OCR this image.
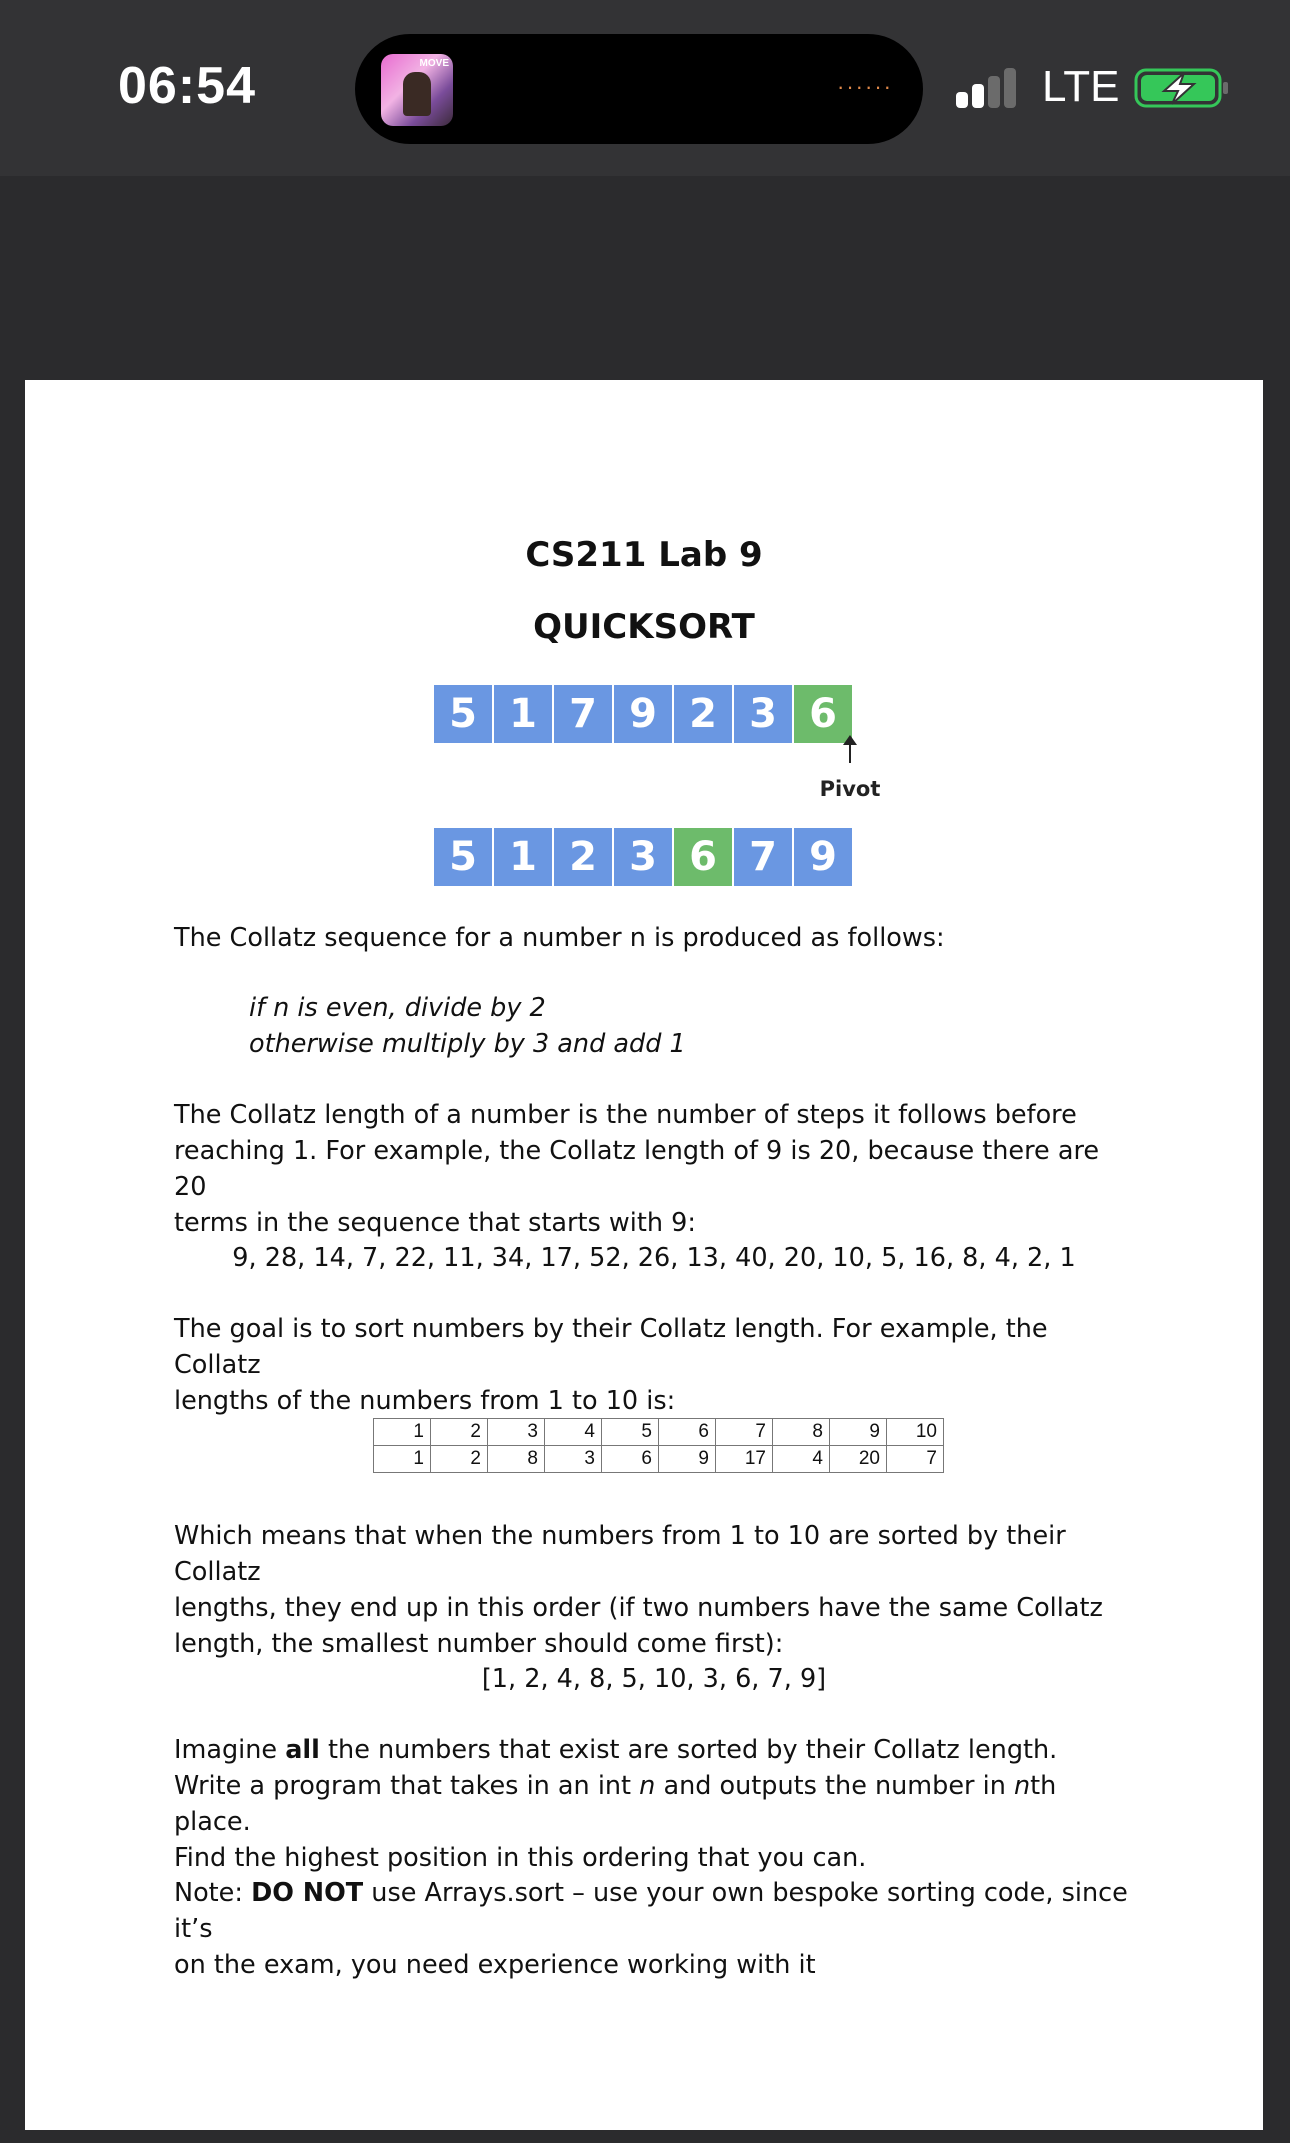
06:54	MOVE
······	LTE
CS211 Lab 9
QUICKSORT
5 1 7 9 2 3 6
Pivot
5 1 2 3 6 7 9

The Collatz sequence for a number n is produced as follows:

if n is even, divide by 2

otherwise multiply by 3 and add 1

The Collatz length of a number is the number of steps it follows before

reaching 1. For example, the Collatz length of 9 is 20, because there are 20

terms in the sequence that starts with 9:

9, 28, 14, 7, 22, 11, 34, 17, 52, 26, 13, 40, 20, 10, 5, 16, 8, 4, 2, 1

The goal is to sort numbers by their Collatz length. For example, the Collatz

lengths of the numbers from 1 to 10 is:

1	2	3	4	5	6	7	8	9	10
1	2	8	3	6	9	17	4	20	7

Which means that when the numbers from 1 to 10 are sorted by their Collatz

lengths, they end up in this order (if two numbers have the same Collatz

length, the smallest number should come first):

[1, 2, 4, 8, 5, 10, 3, 6, 7, 9]

Imagine all the numbers that exist are sorted by their Collatz length.

Write a program that takes in an int n and outputs the number in nth place.

Find the highest position in this ordering that you can.

Note: DO NOT use Arrays.sort – use your own bespoke sorting code, since it’s

on the exam, you need experience working with it
